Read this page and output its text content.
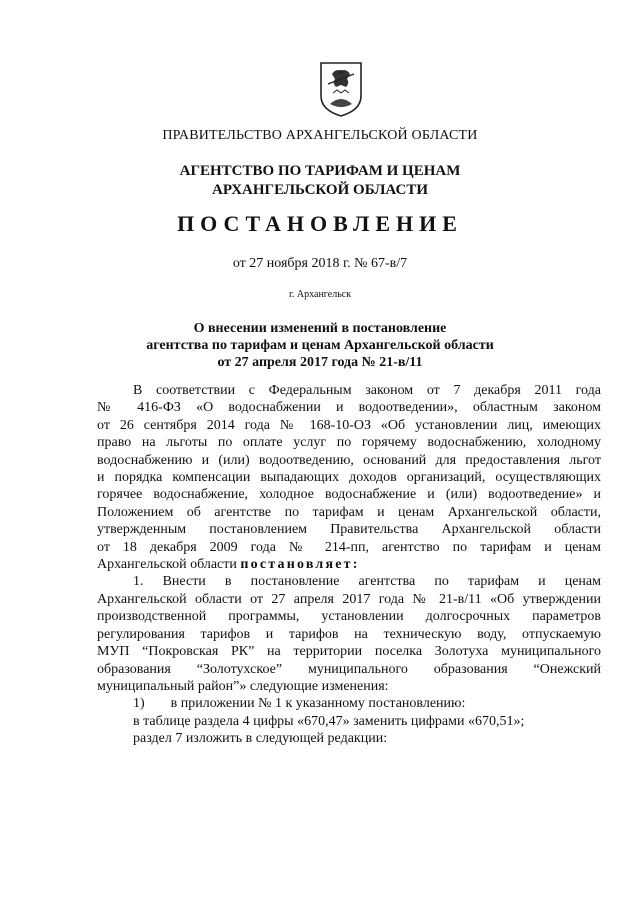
ПРАВИТЕЛЬСТВО АРХАНГЕЛЬСКОЙ ОБЛАСТИ
АГЕНТСТВО ПО ТАРИФАМ И ЦЕНАМ
АРХАНГЕЛЬСКОЙ ОБЛАСТИ
ПОСТАНОВЛЕНИЕ
от 27 ноября 2018 г. № 67-в/7
г. Архангельск
О внесении изменений в постановление
агентства по тарифам и ценам Архангельской области
от 27 апреля 2017 года № 21-в/11
В соответствии с Федеральным законом от 7 декабря 2011 года
№ 416-ФЗ «О водоснабжении и водоотведении», областным законом
от 26 сентября 2014 года № 168-10-ОЗ «Об установлении лиц, имеющих
право на льготы по оплате услуг по горячему водоснабжению, холодному
водоснабжению и (или) водоотведению, оснований для предоставления льгот
и порядка компенсации выпадающих доходов организаций, осуществляющих
горячее водоснабжение, холодное водоснабжение и (или) водоотведение» и
Положением об агентстве по тарифам и ценам Архангельской области,
утвержденным постановлением Правительства Архангельской области
от 18 декабря 2009 года № 214-пп, агентство по тарифам и ценам
Архангельской области постановляет:
1. Внести в постановление агентства по тарифам и ценам
Архангельской области от 27 апреля 2017 года № 21-в/11 «Об утверждении
производственной программы, установлении долгосрочных параметров
регулирования тарифов и тарифов на техническую воду, отпускаемую
МУП “Покровская РК” на территории поселка Золотуха муниципального
образования “Золотухское” муниципального образования “Онежский
муниципальный район”» следующие изменения:
1) в приложении № 1 к указанному постановлению:
в таблице раздела 4 цифры «670,47» заменить цифрами «670,51»;
раздел 7 изложить в следующей редакции:
